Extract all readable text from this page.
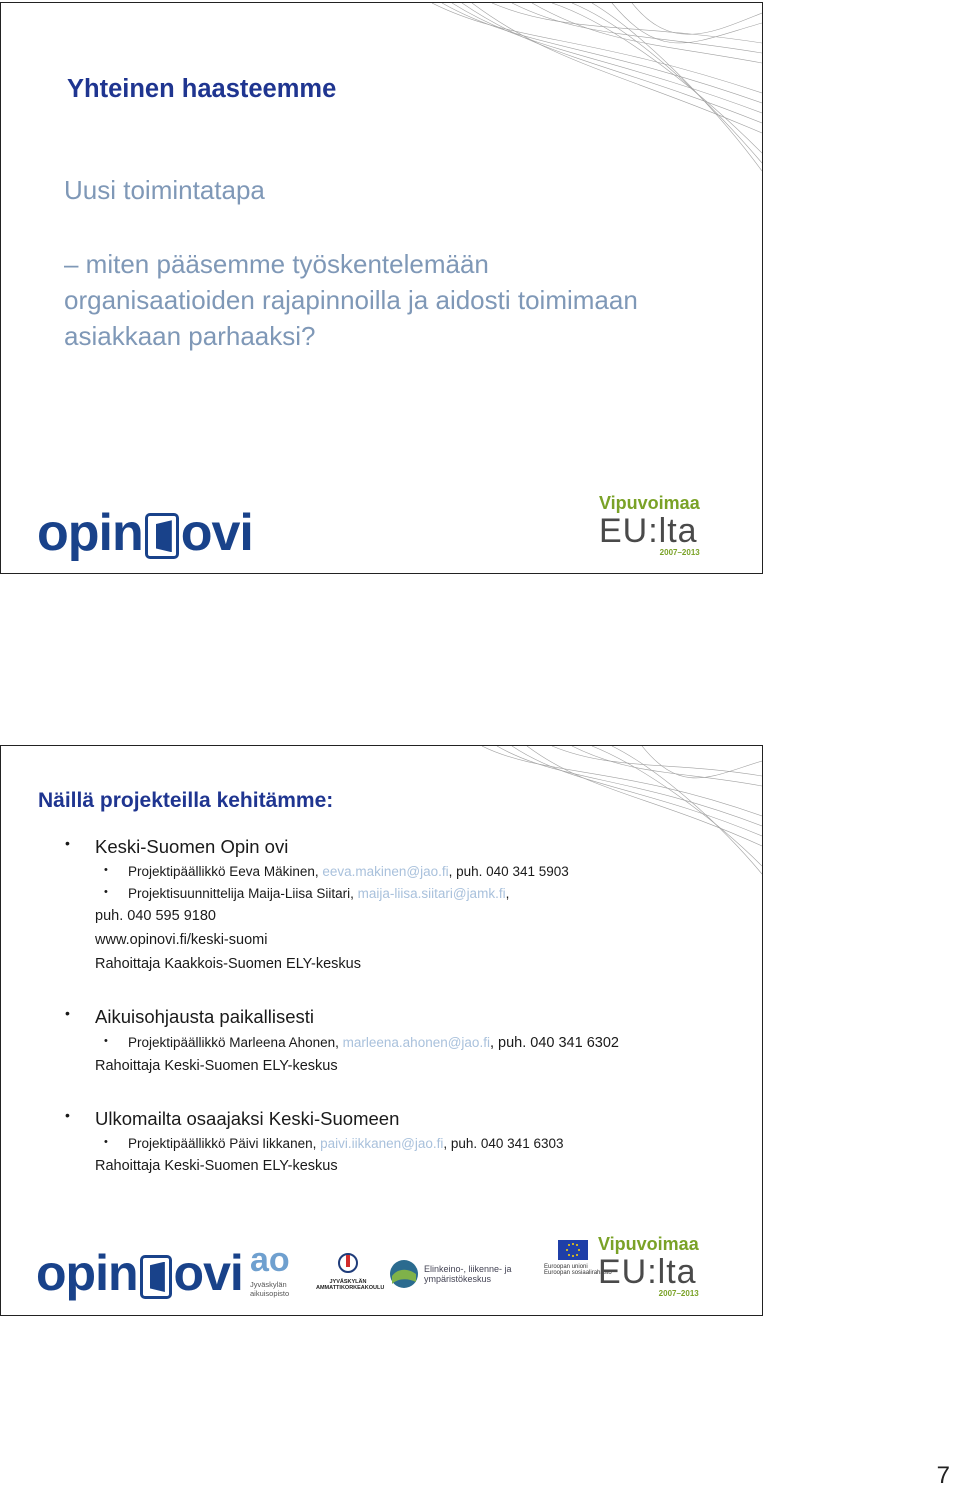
Yhteinen haasteemme
Uusi toimintatapa
– miten pääsemme työskentelemään
organisaatioiden rajapinnoilla ja aidosti toimimaan
asiakkaan parhaaksi?
opin ovi
Vipuvoimaa
EU:lta
2007–2013
Näillä projekteilla kehitämme:
• Keski-Suomen Opin ovi
• Projektipäällikkö Eeva Mäkinen, eeva.makinen@jao.fi, puh. 040 341 5903
• Projektisuunnittelija Maija-Liisa Siitari, maija-liisa.siitari@jamk.fi,
puh. 040 595 9180
www.opinovi.fi/keski-suomi
Rahoittaja Kaakkois-Suomen ELY-keskus
• Aikuisohjausta paikallisesti
• Projektipäällikkö Marleena Ahonen, marleena.ahonen@jao.fi, puh. 040 341 6302
Rahoittaja Keski-Suomen ELY-keskus
• Ulkomailta osaajaksi Keski-Suomeen
• Projektipäällikkö Päivi Iikkanen, paivi.iikkanen@jao.fi, puh. 040 341 6303
Rahoittaja Keski-Suomen ELY-keskus
opin ovi ao
Jyväskylän
aikuisopisto
JYVÄSKYLÄN
AMMATTIKORKEAKOULU
Elinkeino-, liikenne- ja
ympäristökeskus
Euroopan unioni
Euroopan sosiaalirahasto
Vipuvoimaa
EU:lta
2007–2013
7
